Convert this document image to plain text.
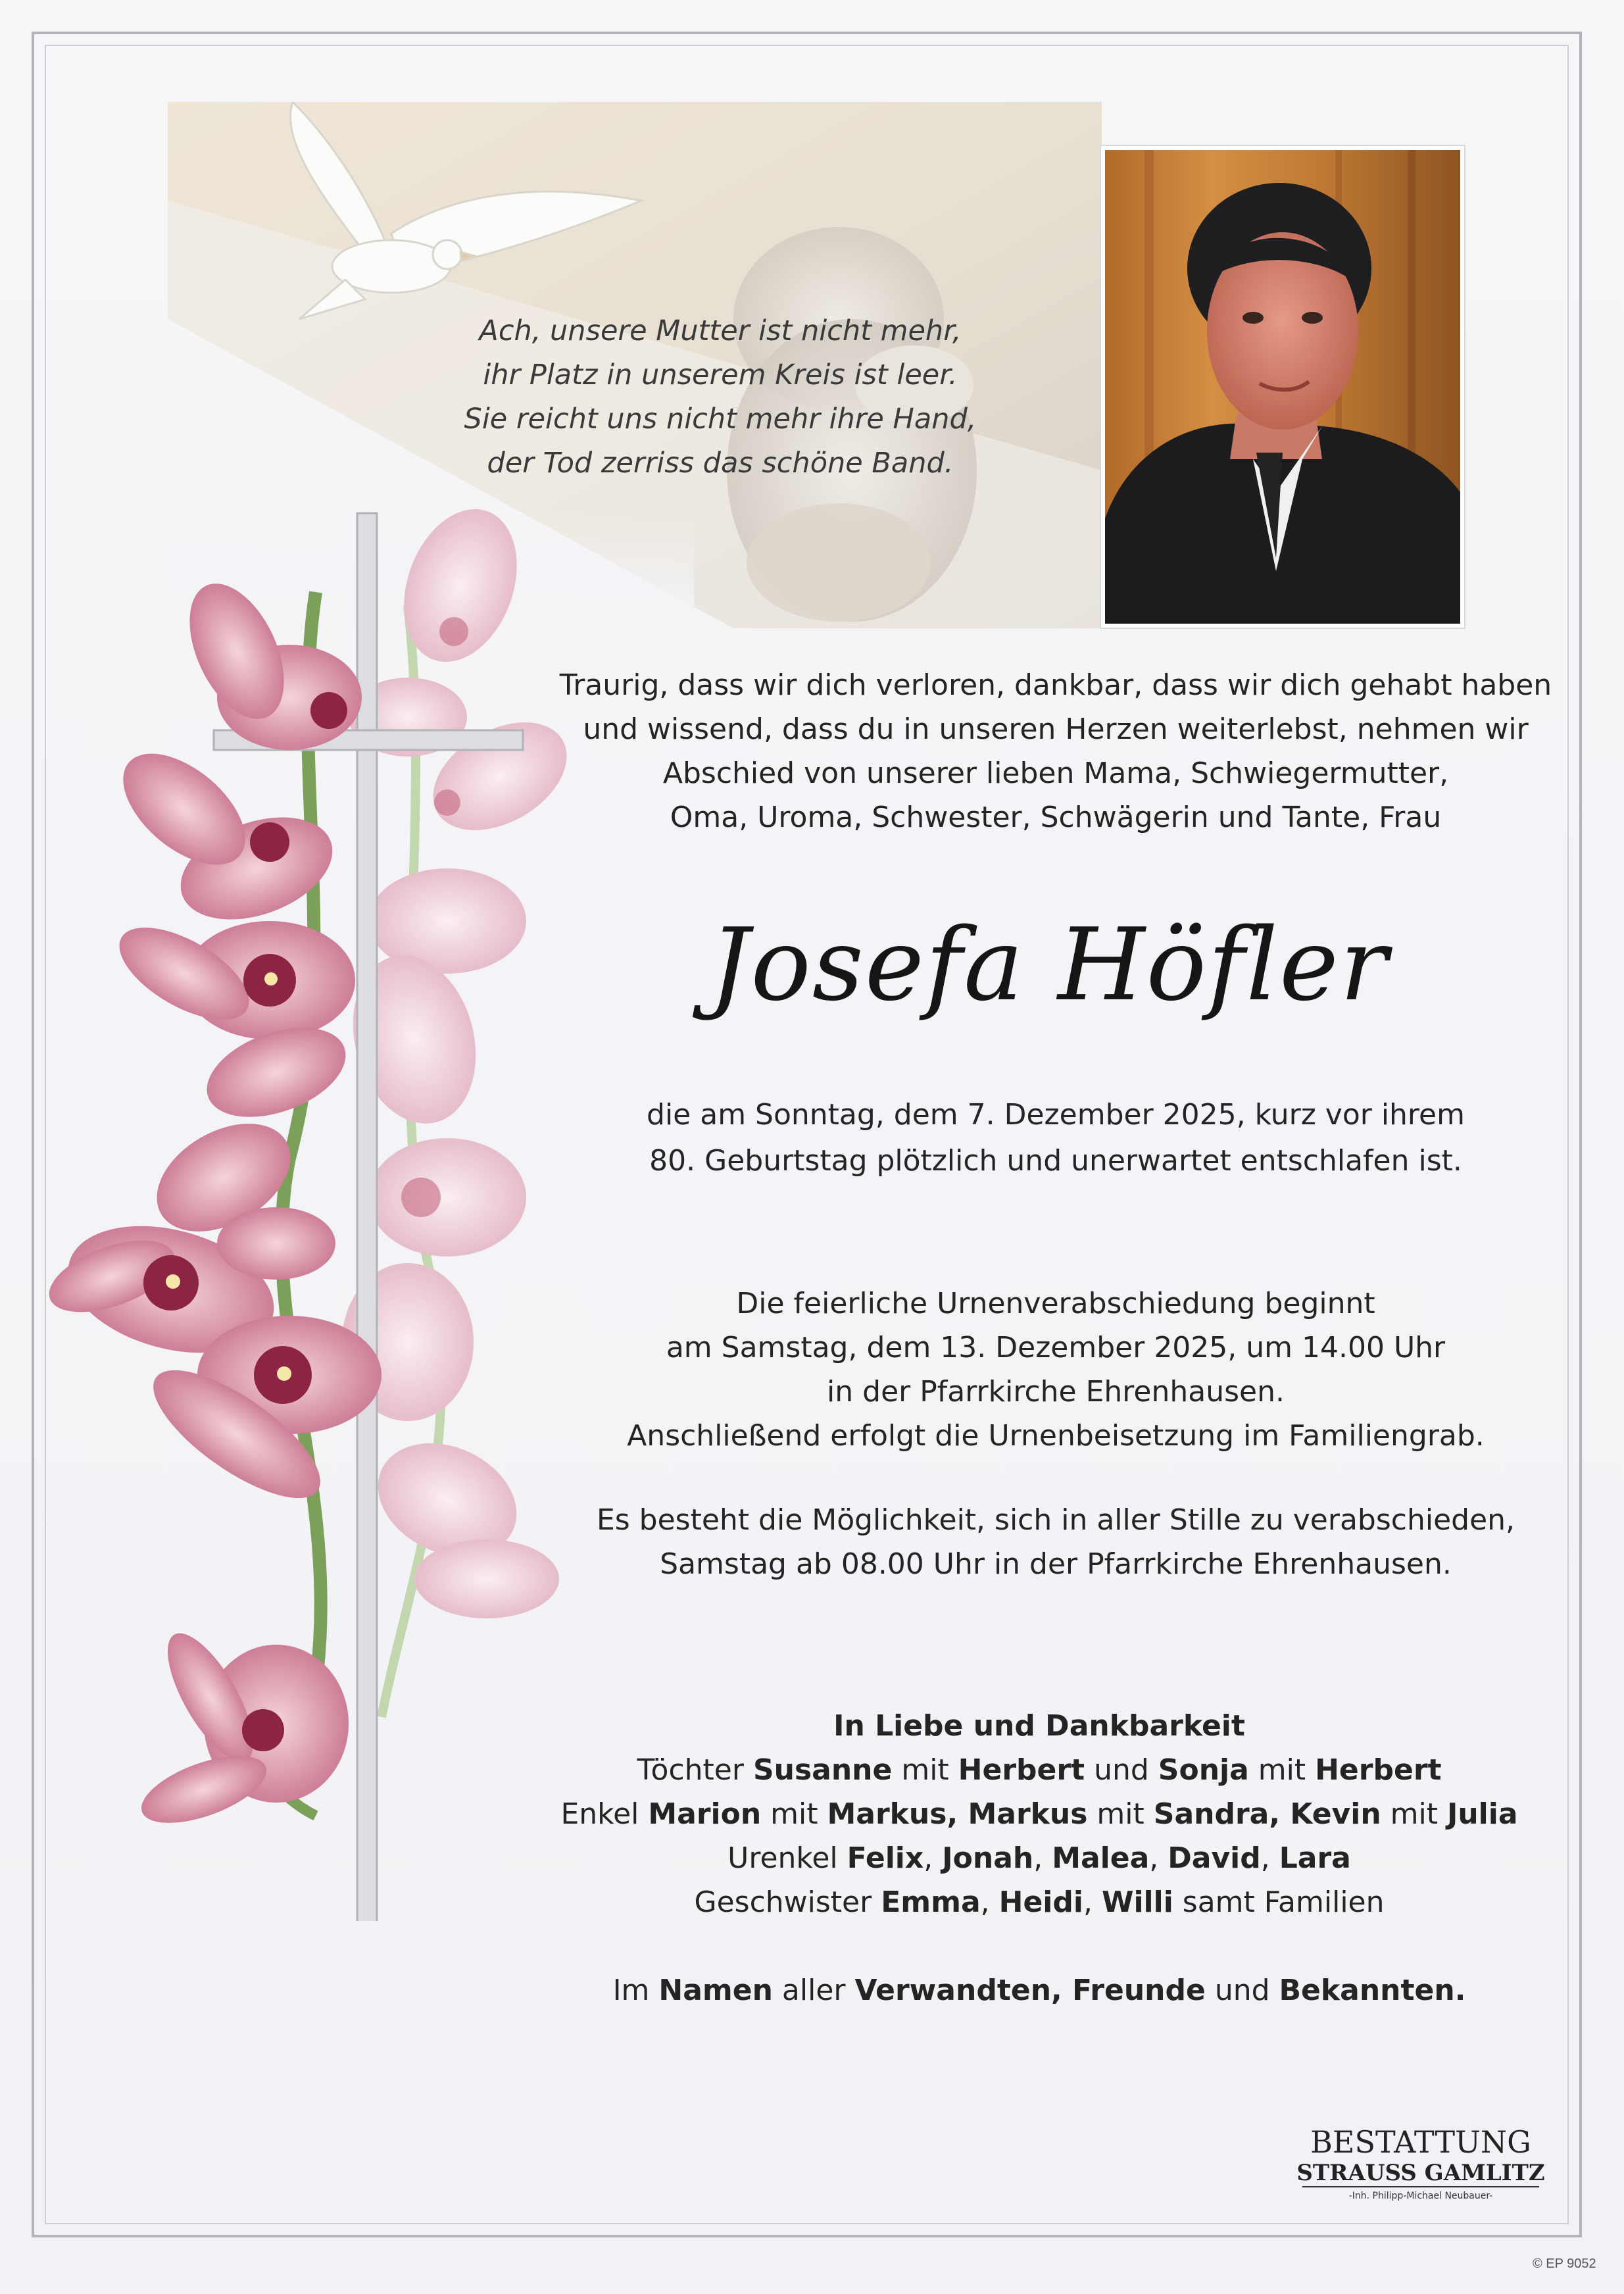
Ach, unsere Mutter ist nicht mehr,
ihr Platz in unserem Kreis ist leer.
Sie reicht uns nicht mehr ihre Hand,
der Tod zerriss das schöne Band.
Traurig, dass wir dich verloren, dankbar, dass wir dich gehabt haben
und wissend, dass du in unseren Herzen weiterlebst, nehmen wir
Abschied von unserer lieben Mama, Schwiegermutter,
Oma, Uroma, Schwester, Schwägerin und Tante, Frau
Josefa Höfler
die am Sonntag, dem 7. Dezember 2025, kurz vor ihrem
80. Geburtstag plötzlich und unerwartet entschlafen ist.
Die feierliche Urnenverabschiedung beginnt
am Samstag, dem 13. Dezember 2025, um 14.00 Uhr
in der Pfarrkirche Ehrenhausen.
Anschließend erfolgt die Urnenbeisetzung im Familiengrab.
Es besteht die Möglichkeit, sich in aller Stille zu verabschieden,
Samstag ab 08.00 Uhr in der Pfarrkirche Ehrenhausen.
In Liebe und Dankbarkeit
Töchter Susanne mit Herbert und Sonja mit Herbert
Enkel Marion mit Markus, Markus mit Sandra, Kevin mit Julia
Urenkel Felix, Jonah, Malea, David, Lara
Geschwister Emma, Heidi, Willi samt Familien
Im Namen aller Verwandten, Freunde und Bekannten.
BESTATTUNG
STRAUSS GAMLITZ
-Inh. Philipp-Michael Neubauer-
© EP 9052
